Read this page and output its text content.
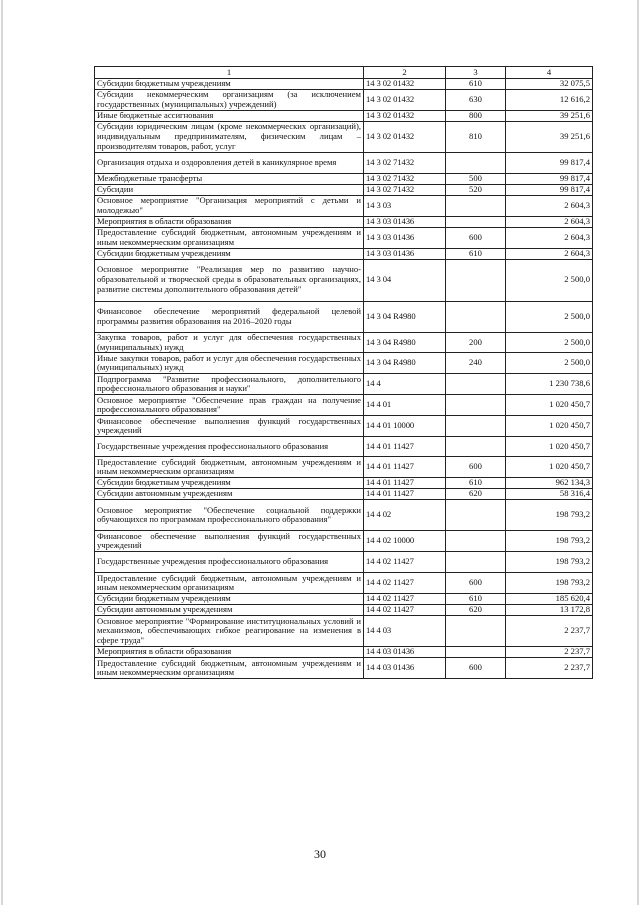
1	2	3	4
Субсидии бюджетным учреждениям	14 3 02 01432	610	32 075,5
Субсидии некоммерческим организациям (за исключением государственных (муниципальных) учреждений)	14 3 02 01432	630	12 616,2
Иные бюджетные ассигнования	14 3 02 01432	800	39 251,6
Субсидии юридическим лицам (кроме некоммерческих организаций), индивидуальным предпринимателям, физическим лицам – производителям товаров, работ, услуг	14 3 02 01432	810	39 251,6
Организация отдыха и оздоровления детей в каникулярное время	14 3 02 71432		99 817,4
Межбюджетные трансферты	14 3 02 71432	500	99 817,4
Субсидии	14 3 02 71432	520	99 817,4
Основное мероприятие "Организация мероприятий с детьми и молодежью"	14 3 03		2 604,3
Мероприятия в области образования	14 3 03 01436		2 604,3
Предоставление субсидий бюджетным, автономным учреждениям и иным некоммерческим организациям	14 3 03 01436	600	2 604,3
Субсидии бюджетным учреждениям	14 3 03 01436	610	2 604,3
Основное мероприятие "Реализация мер по развитию научно-образовательной и творческой среды в образовательных организациях, развитие системы дополнительного образования детей"	14 3 04		2 500,0
Финансовое обеспечение мероприятий федеральной целевой программы развития образования на 2016–2020 годы	14 3 04 R4980		2 500,0
Закупка товаров, работ и услуг для обеспечения государственных (муниципальных) нужд	14 3 04 R4980	200	2 500,0
Иные закупки товаров, работ и услуг для обеспечения государственных (муниципальных) нужд	14 3 04 R4980	240	2 500,0
Подпрограмма "Развитие профессионального, дополнительного профессионального образования и науки"	14 4		1 230 738,6
Основное мероприятие "Обеспечение прав граждан на получение профессионального образования"	14 4 01		1 020 450,7
Финансовое обеспечение выполнения функций государственных учреждений	14 4 01 10000		1 020 450,7
Государственные учреждения профессионального образования	14 4 01 11427		1 020 450,7
Предоставление субсидий бюджетным, автономным учреждениям и иным некоммерческим организациям	14 4 01 11427	600	1 020 450,7
Субсидии бюджетным учреждениям	14 4 01 11427	610	962 134,3
Субсидии автономным учреждениям	14 4 01 11427	620	58 316,4
Основное мероприятие "Обеспечение социальной поддержки обучающихся по программам профессионального образования"	14 4 02		198 793,2
Финансовое обеспечение выполнения функций государственных учреждений	14 4 02 10000		198 793,2
Государственные учреждения профессионального образования	14 4 02 11427		198 793,2
Предоставление субсидий бюджетным, автономным учреждениям и иным некоммерческим организациям	14 4 02 11427	600	198 793,2
Субсидии бюджетным учреждениям	14 4 02 11427	610	185 620,4
Субсидии автономным учреждениям	14 4 02 11427	620	13 172,8
Основное мероприятие "Формирование институциональных условий и механизмов, обеспечивающих гибкое реагирование на изменения в сфере труда"	14 4 03		2 237,7
Мероприятия в области образования	14 4 03 01436		2 237,7
Предоставление субсидий бюджетным, автономным учреждениям и иным некоммерческим организациям	14 4 03 01436	600	2 237,7
30
